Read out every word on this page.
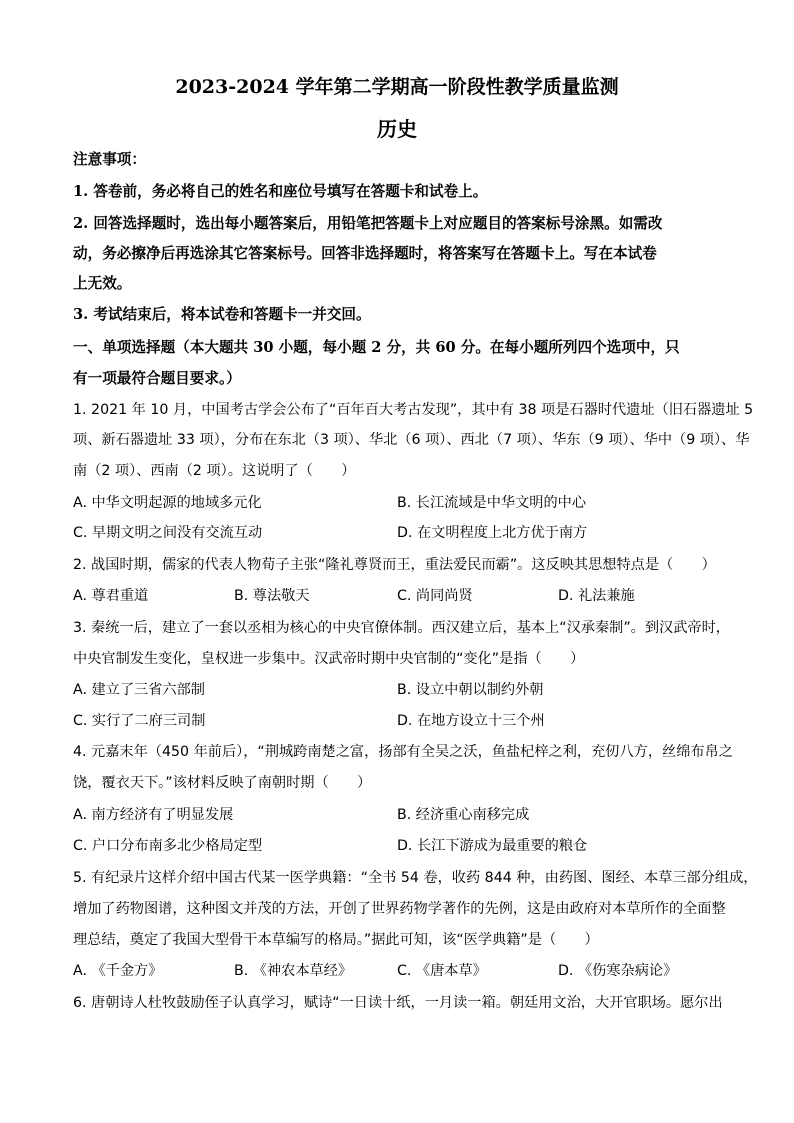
2023-2024 学年第二学期高一阶段性教学质量监测
历史
注意事项：
1. 答卷前，务必将自己的姓名和座位号填写在答题卡和试卷上。
2. 回答选择题时，选出每小题答案后，用铅笔把答题卡上对应题目的答案标号涂黑。如需改
动，务必擦净后再选涂其它答案标号。回答非选择题时，将答案写在答题卡上。写在本试卷
上无效。
3. 考试结束后，将本试卷和答题卡一并交回。
一、单项选择题（本大题共 30 小题，每小题 2 分，共 60 分。在每小题所列四个选项中，只
有一项最符合题目要求。）
1. 2021 年 10 月，中国考古学会公布了“百年百大考古发现”，其中有 38 项是石器时代遗址（旧石器遗址 5
项、新石器遗址 33 项），分布在东北（3 项）、华北（6 项）、西北（7 项）、华东（9 项）、华中（9 项）、华
南（2 项）、西南（2 项）。这说明了（　　）
A. 中华文明起源的地域多元化	B. 长江流域是中华文明的中心
C. 早期文明之间没有交流互动	D. 在文明程度上北方优于南方
2. 战国时期，儒家的代表人物荀子主张“隆礼尊贤而王，重法爱民而霸”。这反映其思想特点是（　　）
A. 尊君重道	B. 尊法敬天	C. 尚同尚贤	D. 礼法兼施
3. 秦统一后，建立了一套以丞相为核心的中央官僚体制。西汉建立后，基本上“汉承秦制”。到汉武帝时，
中央官制发生变化，皇权进一步集中。汉武帝时期中央官制的“变化”是指（　　）
A. 建立了三省六部制	B. 设立中朝以制约外朝
C. 实行了二府三司制	D. 在地方设立十三个州
4. 元嘉末年（450 年前后），“荆城跨南楚之富，扬部有全吴之沃，鱼盐杞梓之利，充仞八方，丝绵布帛之
饶，覆衣天下。”该材料反映了南朝时期（　　）
A. 南方经济有了明显发展	B. 经济重心南移完成
C. 户口分布南多北少格局定型	D. 长江下游成为最重要的粮仓
5. 有纪录片这样介绍中国古代某一医学典籍：“全书 54 卷，收药 844 种，由药图、图经、本草三部分组成，
增加了药物图谱，这种图文并茂的方法，开创了世界药物学著作的先例，这是由政府对本草所作的全面整
理总结，奠定了我国大型骨干本草编写的格局。”据此可知，该“医学典籍”是（　　）
A. 《千金方》	B. 《神农本草经》	C. 《唐本草》	D. 《伤寒杂病论》
6. 唐朝诗人杜牧鼓励侄子认真学习，赋诗“一日读十纸，一月读一箱。朝廷用文治，大开官职场。愿尔出
